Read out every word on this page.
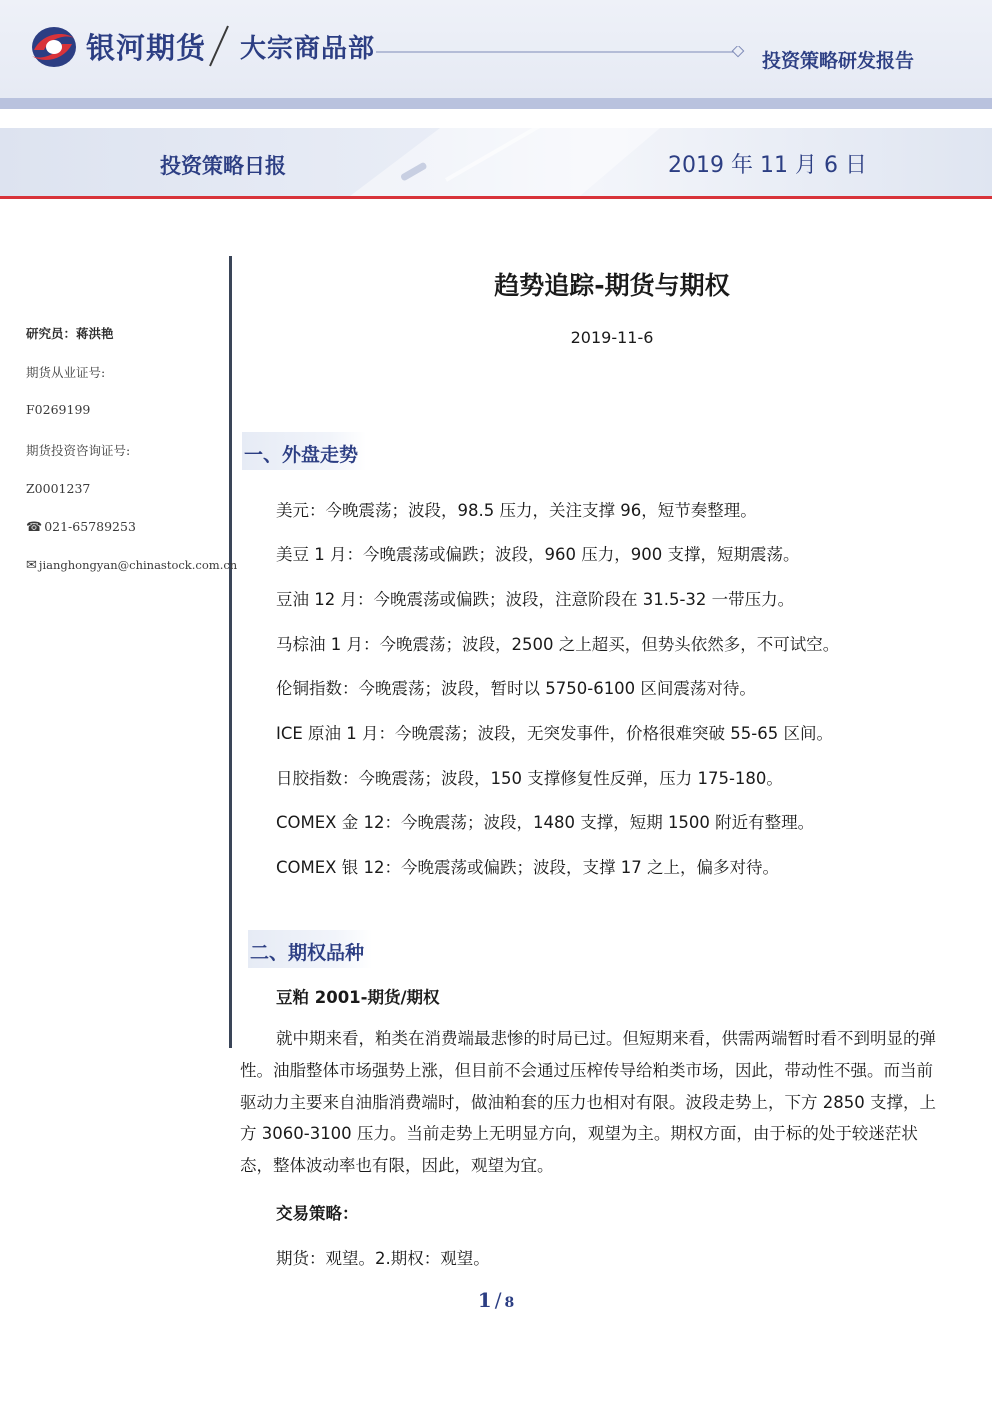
银河期货 大宗商品部	投资策略研发报告
投资策略日报	2019 年 11 月 6 日
研究员：蒋洪艳
期货从业证号:
F0269199
期货投资咨询证号:
Z0001237
☎ 021-65789253
✉ jianghongyan@chinastock.com.cn
趋势追踪-期货与期权
2019-11-6
一、外盘走势
美元：今晚震荡；波段，98.5 压力，关注支撑 96，短节奏整理。
美豆 1 月：今晚震荡或偏跌；波段，960 压力，900 支撑，短期震荡。
豆油 12 月：今晚震荡或偏跌；波段，注意阶段在 31.5-32 一带压力。
马棕油 1 月：今晚震荡；波段，2500 之上超买，但势头依然多，不可试空。
伦铜指数：今晚震荡；波段，暂时以 5750-6100 区间震荡对待。
ICE 原油 1 月：今晚震荡；波段，无突发事件，价格很难突破 55-65 区间。
日胶指数：今晚震荡；波段，150 支撑修复性反弹，压力 175-180。
COMEX 金 12：今晚震荡；波段，1480 支撑，短期 1500 附近有整理。
COMEX 银 12：今晚震荡或偏跌；波段，支撑 17 之上，偏多对待。
二、期权品种
豆粕 2001-期货/期权

就中期来看，粕类在消费端最悲惨的时局已过。但短期来看，供需两端暂时看不到明显的弹性。油脂整体市场强势上涨，但目前不会通过压榨传导给粕类市场，因此，带动性不强。而当前驱动力主要来自油脂消费端时，做油粕套的压力也相对有限。波段走势上，下方 2850 支撑，上方 3060-3100 压力。当前走势上无明显方向，观望为主。期权方面，由于标的处于较迷茫状态，整体波动率也有限，因此，观望为宜。

交易策略：
期货：观望。2.期权：观望。
1 / 8
